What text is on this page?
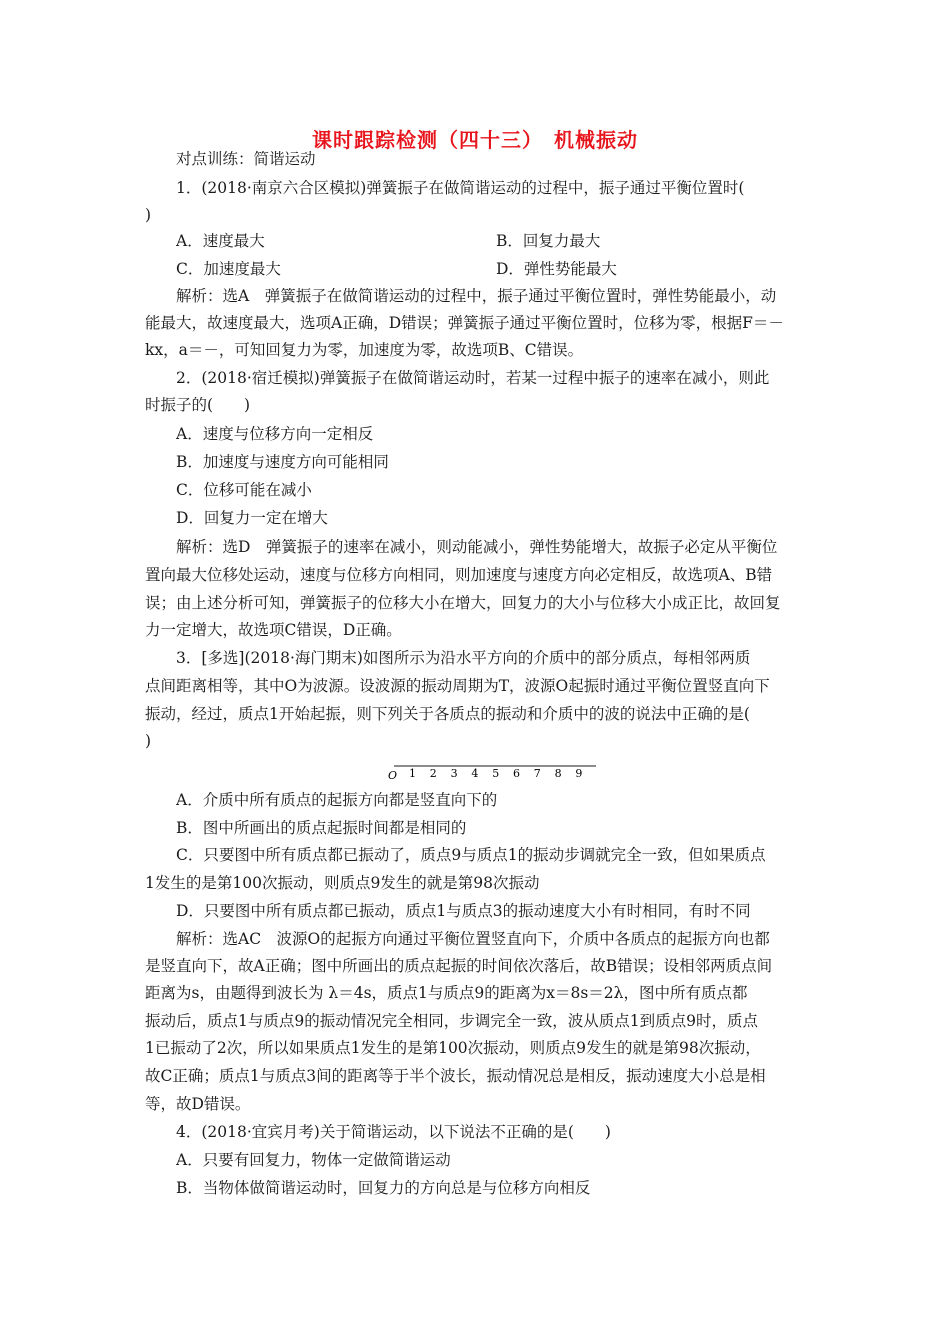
课时跟踪检测（四十三）　机械振动
对点训练：简谐运动
1．(2018·南京六合区模拟)弹簧振子在做简谐运动的过程中，振子通过平衡位置时(
)
A．速度最大	B．回复力最大
C．加速度最大	D．弹性势能最大
解析：选A　弹簧振子在做简谐运动的过程中，振子通过平衡位置时，弹性势能最小，动
能最大，故速度最大，选项A正确，D错误；弹簧振子通过平衡位置时，位移为零，根据F＝－
kx，a＝－，可知回复力为零，加速度为零，故选项B、C错误。
2．(2018·宿迁模拟)弹簧振子在做简谐运动时，若某一过程中振子的速率在减小，则此
时振子的(　　)
A．速度与位移方向一定相反
B．加速度与速度方向可能相同
C．位移可能在减小
D．回复力一定在增大
解析：选D　弹簧振子的速率在减小，则动能减小，弹性势能增大，故振子必定从平衡位
置向最大位移处运动，速度与位移方向相同，则加速度与速度方向必定相反，故选项A、B错
误；由上述分析可知，弹簧振子的位移大小在增大，回复力的大小与位移大小成正比，故回复
力一定增大，故选项C错误，D正确。
3．[多选](2018·海门期末)如图所示为沿水平方向的介质中的部分质点，每相邻两质
点间距离相等，其中O为波源。设波源的振动周期为T，波源O起振时通过平衡位置竖直向下
振动，经过，质点1开始起振，则下列关于各质点的振动和介质中的波的说法中正确的是(
)
O 1 2 3 4 5 6 7 8 9
A．介质中所有质点的起振方向都是竖直向下的
B．图中所画出的质点起振时间都是相同的
C．只要图中所有质点都已振动了，质点9与质点1的振动步调就完全一致，但如果质点
1发生的是第100次振动，则质点9发生的就是第98次振动
D．只要图中所有质点都已振动，质点1与质点3的振动速度大小有时相同，有时不同
解析：选AC　波源O的起振方向通过平衡位置竖直向下，介质中各质点的起振方向也都
是竖直向下，故A正确；图中所画出的质点起振的时间依次落后，故B错误；设相邻两质点间
距离为s，由题得到波长为 λ＝4s，质点1与质点9的距离为x＝8s＝2λ，图中所有质点都
振动后，质点1与质点9的振动情况完全相同，步调完全一致，波从质点1到质点9时，质点
1已振动了2次，所以如果质点1发生的是第100次振动，则质点9发生的就是第98次振动，
故C正确；质点1与质点3间的距离等于半个波长，振动情况总是相反，振动速度大小总是相
等，故D错误。
4．(2018·宜宾月考)关于简谐运动，以下说法不正确的是(　　)
A．只要有回复力，物体一定做简谐运动
B．当物体做简谐运动时，回复力的方向总是与位移方向相反
